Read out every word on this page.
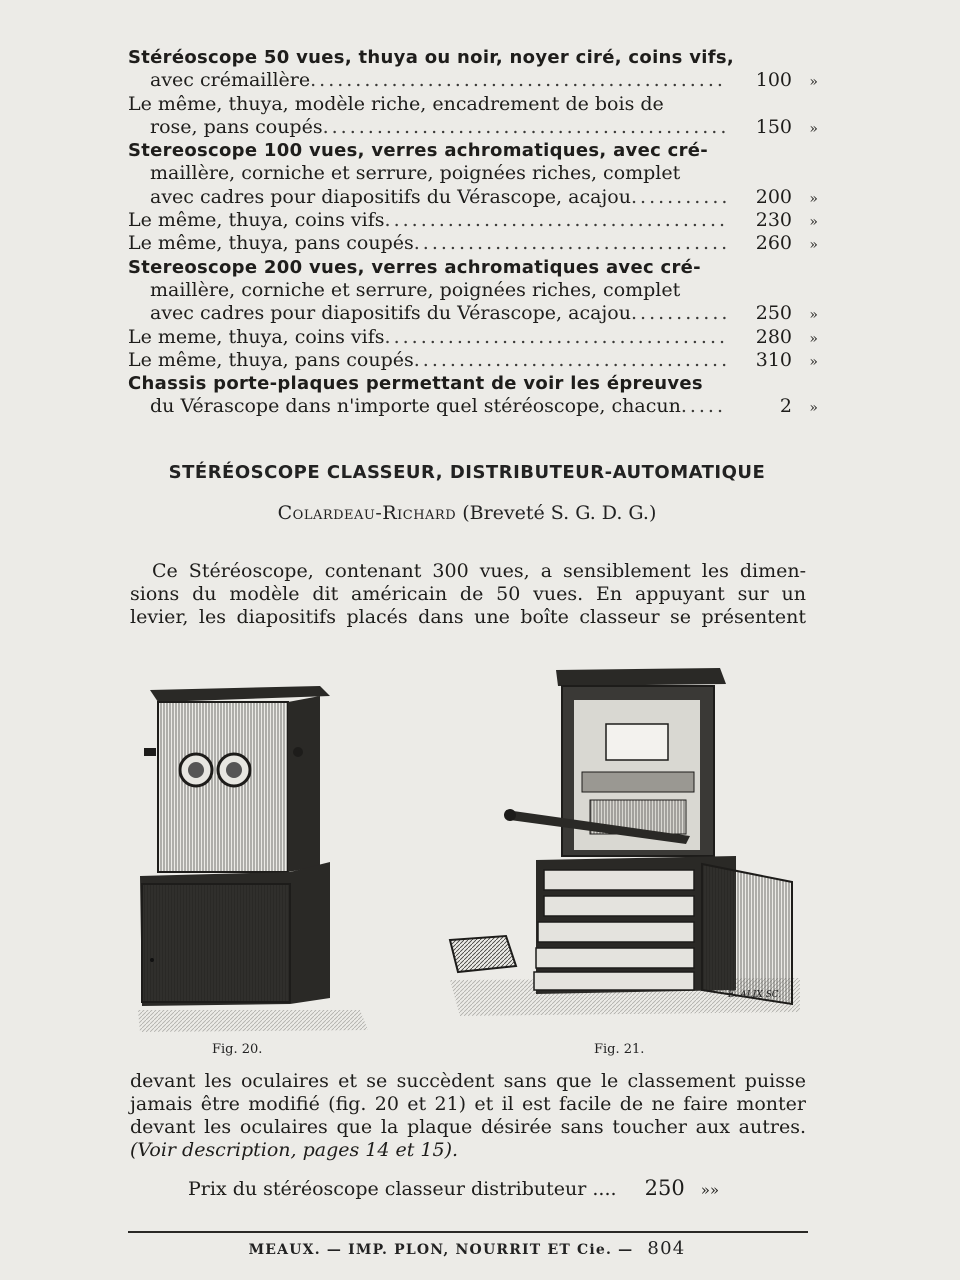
Stéréoscope 50 vues, thuya ou noir, noyer ciré, coins vifs,
avec crémaillère .....	100	»
Le même, thuya, modèle riche, encadrement de bois de
rose, pans coupés .....	150	»
Stereoscope 100 vues, verres achromatiques, avec cré-
maillère, corniche et serrure, poignées riches, complet
avec cadres pour diapositifs du Vérascope, acajou .....	200	»
Le même, thuya, coins vifs .....	230	»
Le même, thuya, pans coupés .....	260	»
Stereoscope 200 vues, verres achromatiques avec cré-
maillère, corniche et serrure, poignées riches, complet
avec cadres pour diapositifs du Vérascope, acajou .....	250	»
Le meme, thuya, coins vifs .....	280	»
Le même, thuya, pans coupés .....	310	»
Chassis porte-plaques permettant de voir les épreuves
du Vérascope dans n'importe quel stéréoscope, chacun .....	2	»
STÉRÉOSCOPE CLASSEUR, DISTRIBUTEUR-AUTOMATIQUE
Colardeau-Richard (Breveté S. G. D. G.)
Ce Stéréoscope, contenant 300 vues, a sensiblement les dimen-
sions du modèle dit américain de 50 vues. En appuyant sur un
levier, les diapositifs placés dans une boîte classeur se présentent
Fig. 20.
E. ALIX SC.
Fig. 21.
devant les oculaires et se succèdent sans que le classement puisse
jamais être modifié (fig. 20 et 21) et il est facile de ne faire monter
devant les oculaires que la plaque désirée sans toucher aux autres.
(Voir description, pages 14 et 15).
Prix du stéréoscope classeur distributeur .... 250 »»
MEAUX. — IMP. PLON, NOURRIT ET Cie. — 804
